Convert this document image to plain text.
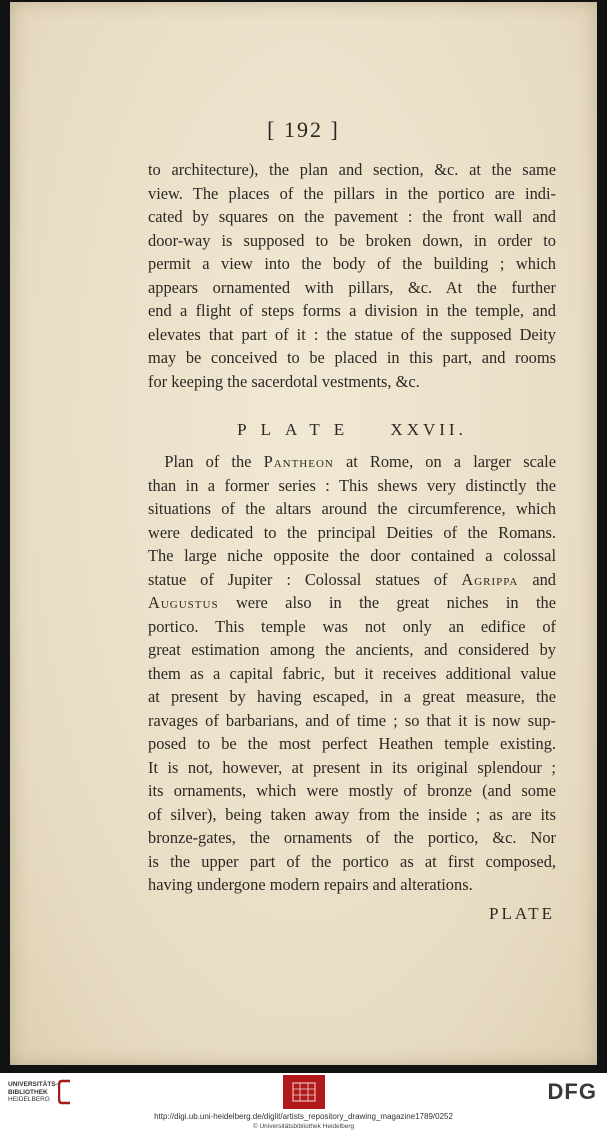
[ 192 ]
to architecture), the plan and section, &c. at the same
view. The places of the pillars in the portico are indi-
cated by squares on the pavement : the front wall and
door-way is supposed to be broken down, in order to
permit a view into the body of the building ; which
appears ornamented with pillars, &c. At the further
end a flight of steps forms a division in the temple, and
elevates that part of it : the statue of the supposed Deity
may be conceived to be placed in this part, and rooms
for keeping the sacerdotal vestments, &c.
PLATE XXVII.
 Plan of the Pantheon at Rome, on a larger scale
than in a former series : This shews very distinctly the
situations of the altars around the circumference, which
were dedicated to the principal Deities of the Romans.
The large niche opposite the door contained a colossal
statue of Jupiter : Colossal statues of Agrippa and
Augustus were also in the great niches in the
portico. This temple was not only an edifice of
great estimation among the ancients, and considered by
them as a capital fabric, but it receives additional value
at present by having escaped, in a great measure, the
ravages of barbarians, and of time ; so that it is now sup-
posed to be the most perfect Heathen temple existing.
It is not, however, at present in its original splendour ;
its ornaments, which were mostly of bronze (and some
of silver), being taken away from the inside ; as are its
bronze-gates, the ornaments of the portico, &c. Nor
is the upper part of the portico as at first composed,
having undergone modern repairs and alterations.
PLATE
UNIVERSITÄTS-
BIBLIOTHEK
HEIDELBERG	DFG
http://digi.ub.uni-heidelberg.de/diglit/artists_repository_drawing_magazine1789/0252
© Universitätsbibliothek Heidelberg
